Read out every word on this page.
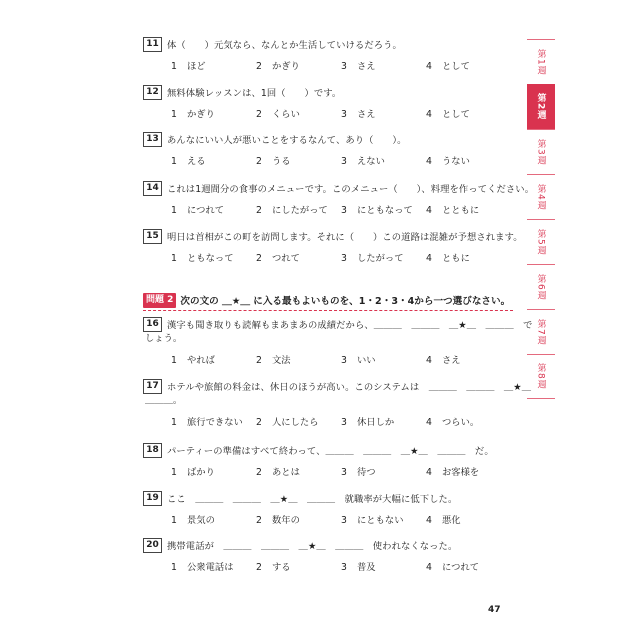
11 体（　　）元気なら、なんとか生活していけるだろう。
1 ほど	2 かぎり	3 さえ	4 として
12 無料体験レッスンは、1回（　　）です。
1 かぎり	2 くらい	3 さえ	4 として
13 あんなにいい人が悪いことをするなんて、あり（　　）。
1 える	2 うる	3 えない	4 うない
14 これは1週間分の食事のメニューです。このメニュー（　　）、料理を作ってください。
1 につれて	2 にしたがって 3 にともなって 4 とともに
15 明日は首相がこの町を訪問します。それに（　　）この道路は混雑が予想されます。
1 ともなって 2 つれて	3 したがって 4 ともに
問題 2 次の文の ＿★＿ に入る最もよいものを、1・2・3・4から一つ選びなさい。
16 漢字も聞き取りも読解もまあまあの成績だから、＿＿＿　＿＿＿　＿★＿　＿＿＿　で
しょう。
1 やれば	2 文法	3 いい	4 さえ
17 ホテルや旅館の料金は、休日のほうが高い。このシステムは　＿＿＿　＿＿＿　＿★＿
＿＿＿。
1 旅行できない 2 人にしたら 3 休日しか	4 つらい。
18 パーティーの準備はすべて終わって、＿＿＿　＿＿＿　＿★＿　＿＿＿　だ。
1 ばかり	2 あとは	3 待つ	4 お客様を
19 ここ　＿＿＿　＿＿＿　＿★＿　＿＿＿　就職率が大幅に低下した。
1 景気の	2 数年の	3 にともない 4 悪化
20 携帯電話が　＿＿＿　＿＿＿　＿★＿　＿＿＿　使われなくなった。
1 公衆電話は 2 する	3 普及	4 につれて
第1週
第2週
第3週
第4週
第5週
第6週
第7週
第8週
47
